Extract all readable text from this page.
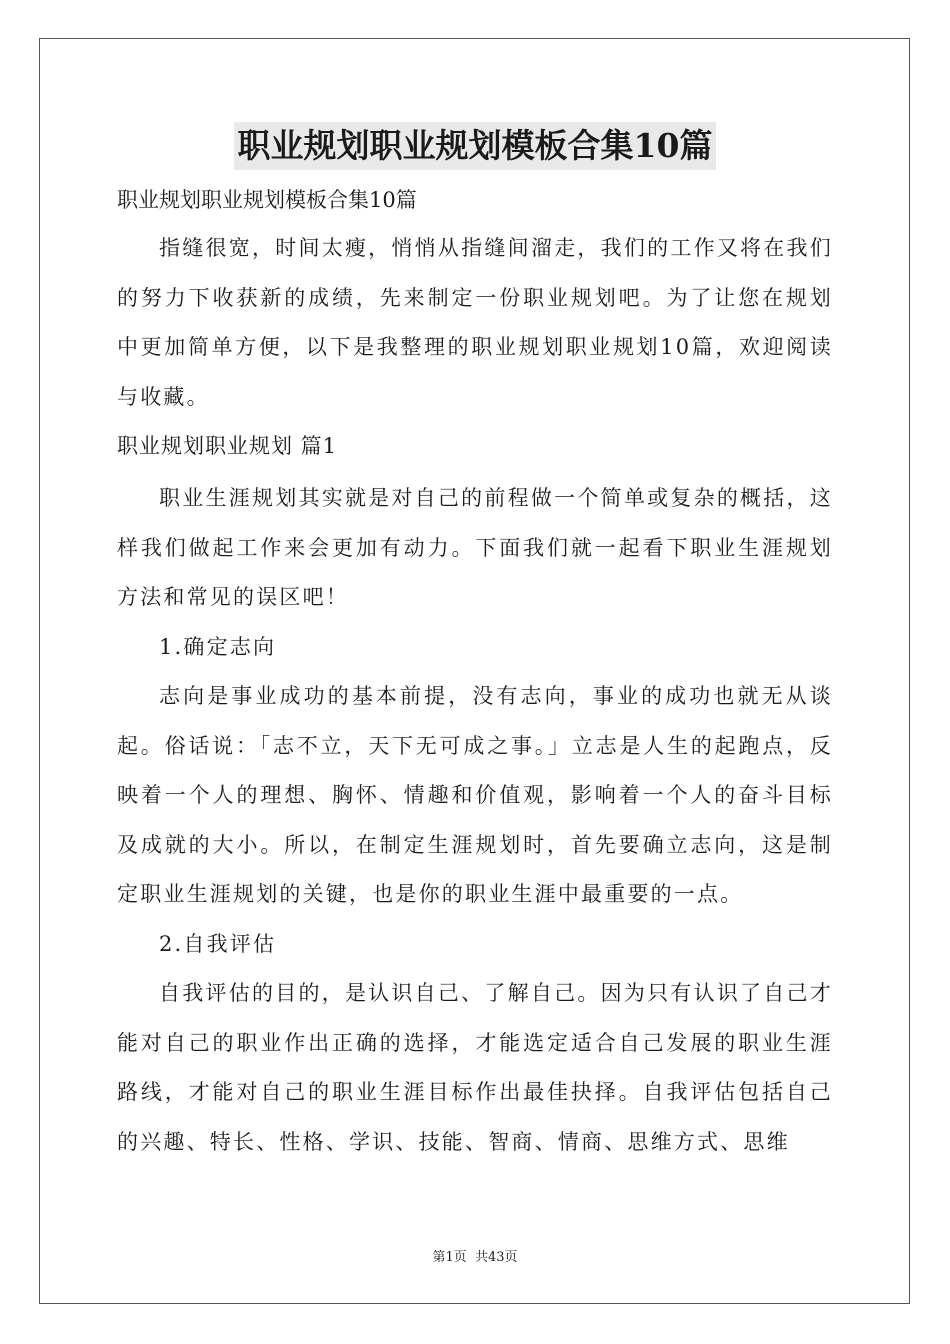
职业规划职业规划模板合集10篇

职业规划职业规划模板合集10篇

指缝很宽，时间太瘦，悄悄从指缝间溜走，我们的工作又将在我们的努力下收获新的成绩，先来制定一份职业规划吧。为了让您在规划中更加简单方便，以下是我整理的职业规划职业规划10篇，欢迎阅读与收藏。

职业规划职业规划 篇1

职业生涯规划其实就是对自己的前程做一个简单或复杂的概括，这样我们做起工作来会更加有动力。下面我们就一起看下职业生涯规划方法和常见的误区吧！

1.确定志向

志向是事业成功的基本前提，没有志向，事业的成功也就无从谈起。俗话说：「志不立，天下无可成之事。」立志是人生的起跑点，反映着一个人的理想、胸怀、情趣和价值观，影响着一个人的奋斗目标及成就的大小。所以，在制定生涯规划时，首先要确立志向，这是制定职业生涯规划的关键，也是你的职业生涯中最重要的一点。

2.自我评估

自我评估的目的，是认识自己、了解自己。因为只有认识了自己才能对自己的职业作出正确的选择，才能选定适合自己发展的职业生涯路线，才能对自己的职业生涯目标作出最佳抉择。自我评估包括自己的兴趣、特长、性格、学识、技能、智商、情商、思维方式、思维

第1页 共43页
